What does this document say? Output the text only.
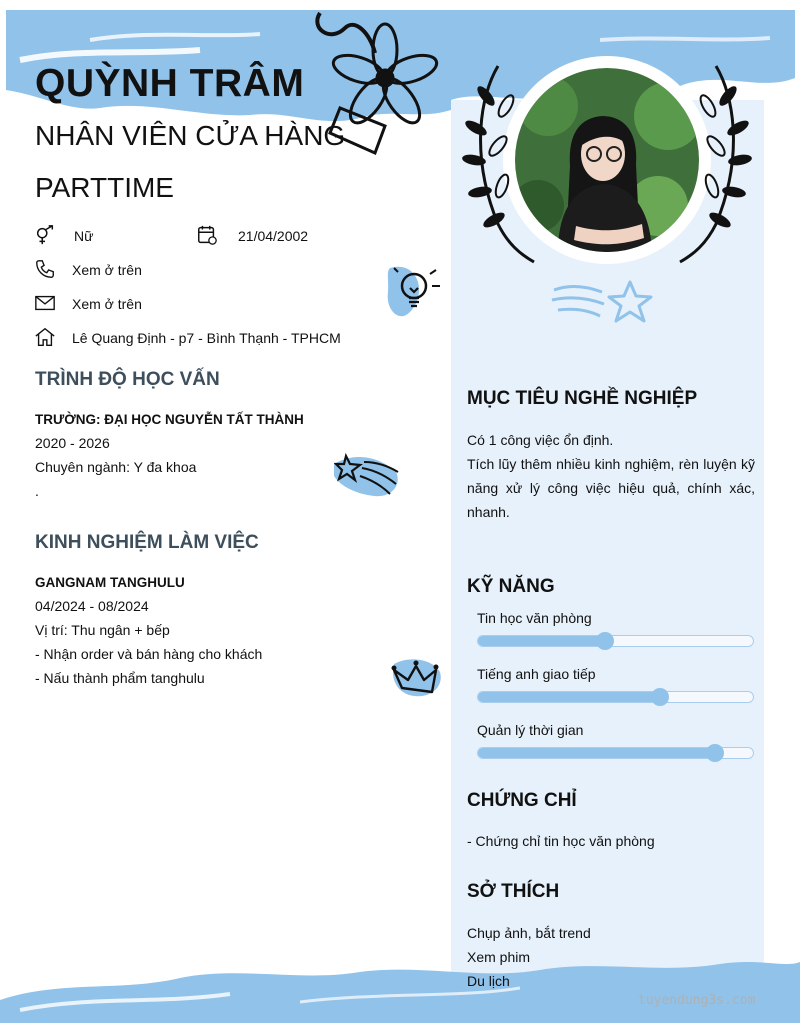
QUỲNH TRÂM
NHÂN VIÊN CỬA HÀNG PARTTIME
Nữ	21/04/2002
Xem ở trên
Xem ở trên
Lê Quang Định - p7 - Bình Thạnh - TPHCM
TRÌNH ĐỘ HỌC VẤN
TRƯỜNG: ĐẠI HỌC NGUYỄN TẤT THÀNH
2020 - 2026
Chuyên ngành: Y đa khoa
.
KINH NGHIỆM LÀM VIỆC
GANGNAM TANGHULU
04/2024 - 08/2024
Vị trí: Thu ngân + bếp
- Nhận order và bán hàng cho khách
- Nấu thành phẩm tanghulu
MỤC TIÊU NGHỀ NGHIỆP
Có 1 công việc ổn định.
Tích lũy thêm nhiều kinh nghiệm, rèn luyện kỹ năng xử lý công việc hiệu quả, chính xác, nhanh.
KỸ NĂNG
Tin học văn phòng
Tiếng anh giao tiếp
Quản lý thời gian
CHỨNG CHỈ
- Chứng chỉ tin học văn phòng
SỞ THÍCH
Chụp ảnh, bắt trend
Xem phim
Du lịch
tuyendung3s.com
